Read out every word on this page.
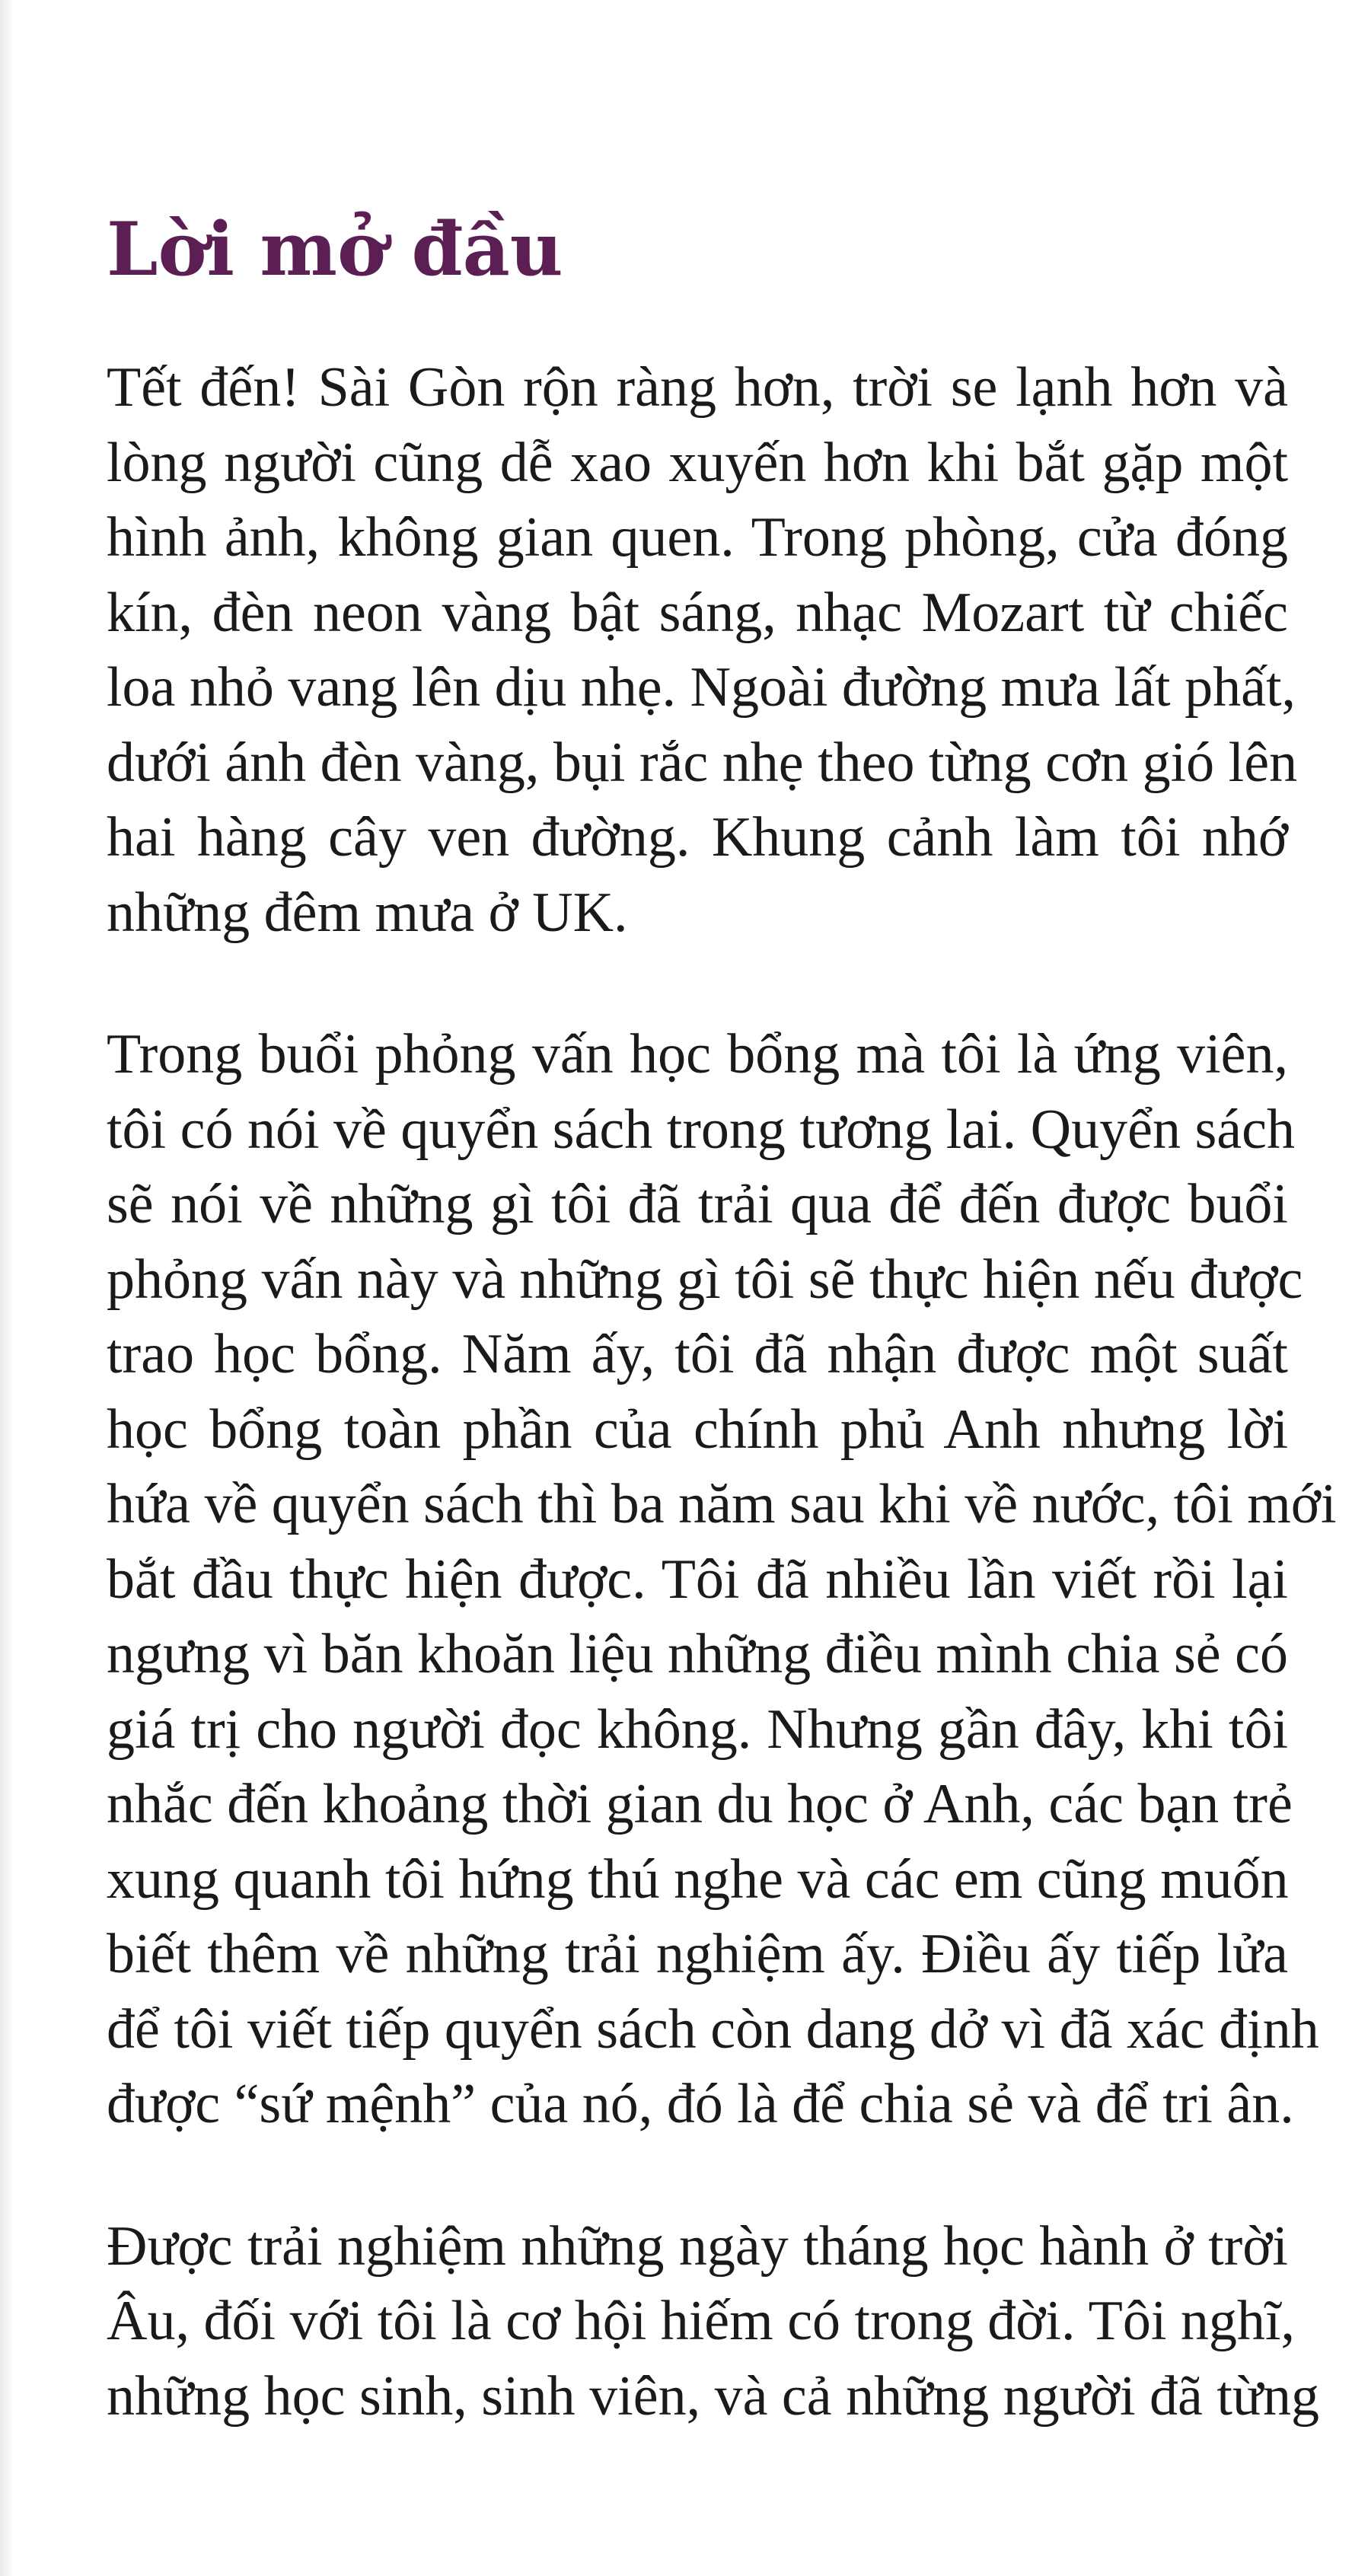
Lời mở đầu
Tết đến! Sài Gòn rộn ràng hơn, trời se lạnh hơn và
lòng người cũng dễ xao xuyến hơn khi bắt gặp một
hình ảnh, không gian quen. Trong phòng, cửa đóng
kín, đèn neon vàng bật sáng, nhạc Mozart từ chiếc
loa nhỏ vang lên dịu nhẹ. Ngoài đường mưa lất phất,
dưới ánh đèn vàng, bụi rắc nhẹ theo từng cơn gió lên
hai hàng cây ven đường. Khung cảnh làm tôi nhớ
những đêm mưa ở UK.
Trong buổi phỏng vấn học bổng mà tôi là ứng viên,
tôi có nói về quyển sách trong tương lai. Quyển sách
sẽ nói về những gì tôi đã trải qua để đến được buổi
phỏng vấn này và những gì tôi sẽ thực hiện nếu được
trao học bổng. Năm ấy, tôi đã nhận được một suất
học bổng toàn phần của chính phủ Anh nhưng lời
hứa về quyển sách thì ba năm sau khi về nước, tôi mới
bắt đầu thực hiện được. Tôi đã nhiều lần viết rồi lại
ngưng vì băn khoăn liệu những điều mình chia sẻ có
giá trị cho người đọc không. Nhưng gần đây, khi tôi
nhắc đến khoảng thời gian du học ở Anh, các bạn trẻ
xung quanh tôi hứng thú nghe và các em cũng muốn
biết thêm về những trải nghiệm ấy. Điều ấy tiếp lửa
để tôi viết tiếp quyển sách còn dang dở vì đã xác định
được “sứ mệnh” của nó, đó là để chia sẻ và để tri ân.
Được trải nghiệm những ngày tháng học hành ở trời
Âu, đối với tôi là cơ hội hiếm có trong đời. Tôi nghĩ,
những học sinh, sinh viên, và cả những người đã từng
